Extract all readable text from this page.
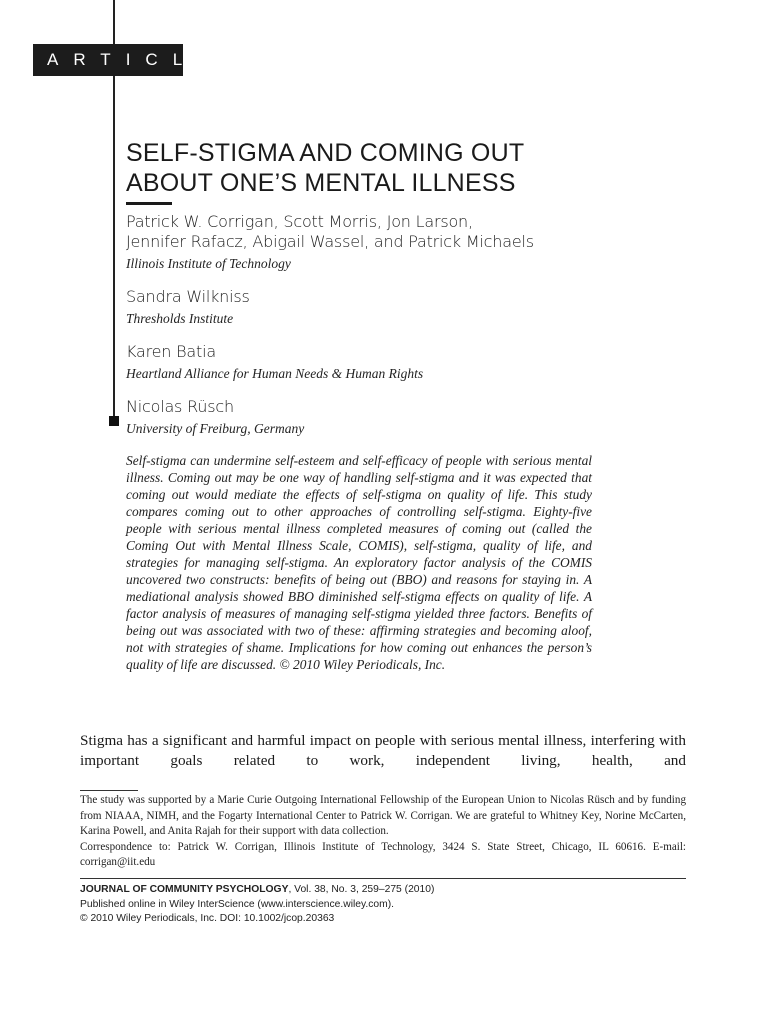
ARTICLE
SELF-STIGMA AND COMING OUT
ABOUT ONE’S MENTAL ILLNESS
Patrick W. Corrigan, Scott Morris, Jon Larson,
Jennifer Rafacz, Abigail Wassel, and Patrick Michaels
Illinois Institute of Technology
Sandra Wilkniss
Thresholds Institute
Karen Batia
Heartland Alliance for Human Needs & Human Rights
Nicolas Rüsch
University of Freiburg, Germany

Self-stigma can undermine self-esteem and self-efficacy of people with serious mental illness. Coming out may be one way of handling self-stigma and it was expected that coming out would mediate the effects of self-stigma on quality of life. This study compares coming out to other approaches of controlling self-stigma. Eighty-five people with serious mental illness completed measures of coming out (called the Coming Out with Mental Illness Scale, COMIS), self-stigma, quality of life, and strategies for managing self-stigma. An exploratory factor analysis of the COMIS uncovered two constructs: benefits of being out (BBO) and reasons for staying in. A mediational analysis showed BBO diminished self-stigma effects on quality of life. A factor analysis of measures of managing self-stigma yielded three factors. Benefits of being out was associated with two of these: affirming strategies and becoming aloof, not with strategies of shame. Implications for how coming out enhances the person’s quality of life are discussed. © 2010 Wiley Periodicals, Inc.

Stigma has a significant and harmful impact on people with serious mental illness, interfering with important goals related to work, independent living, health, and

The study was supported by a Marie Curie Outgoing International Fellowship of the European Union to Nicolas Rüsch and by funding from NIAAA, NIMH, and the Fogarty International Center to Patrick W. Corrigan. We are grateful to Whitney Key, Norine McCarten, Karina Powell, and Anita Rajah for their support with data collection.

Correspondence to: Patrick W. Corrigan, Illinois Institute of Technology, 3424 S. State Street, Chicago, IL 60616. E-mail: corrigan@iit.edu

JOURNAL OF COMMUNITY PSYCHOLOGY, Vol. 38, No. 3, 259–275 (2010)
Published online in Wiley InterScience (www.interscience.wiley.com).
© 2010 Wiley Periodicals, Inc. DOI: 10.1002/jcop.20363
